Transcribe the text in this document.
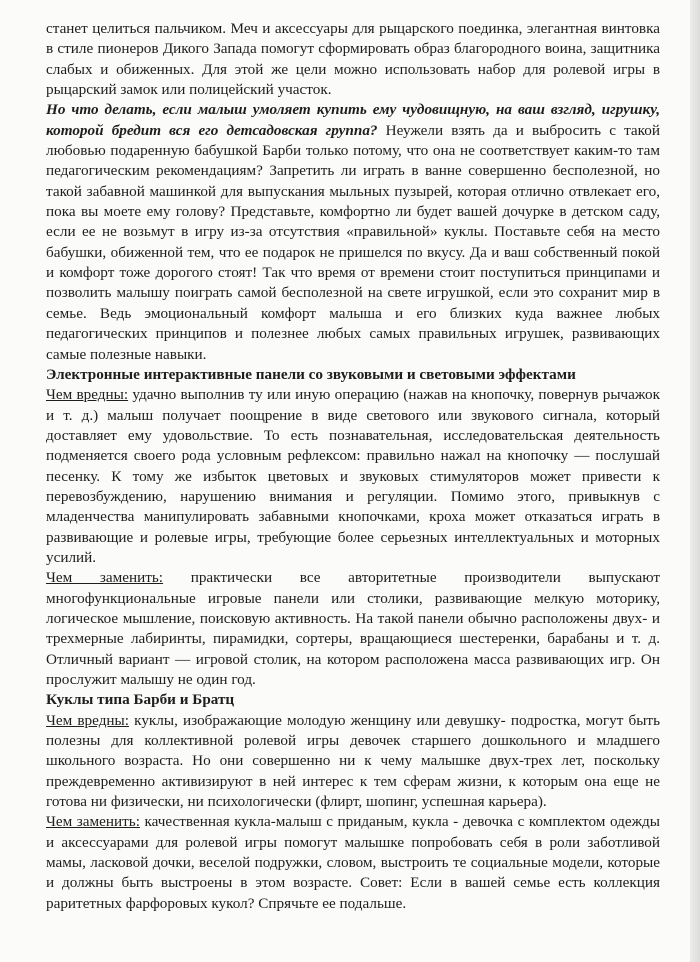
станет целиться пальчиком. Меч и аксессуары для рыцарского поединка, элегантная винтовка в стиле пионеров Дикого Запада помогут сформировать образ благородного воина, защитника слабых и обиженных. Для этой же цели можно использовать набор для ролевой игры в рыцарский замок или полицейский участок.

Но что делать, если малыш умоляет купить ему чудовищную, на ваш взгляд, игрушку, которой бредит вся его детсадовская группа? Неужели взять да и выбросить с такой любовью подаренную бабушкой Барби только потому, что она не соответствует каким-то там педагогическим рекомендациям? Запретить ли играть в ванне совершенно бесполезной, но такой забавной машинкой для выпускания мыльных пузырей, которая отлично отвлекает его, пока вы моете ему голову? Представьте, комфортно ли будет вашей дочурке в детском саду, если ее не возьмут в игру из-за отсутствия «правильной» куклы. Поставьте себя на место бабушки, обиженной тем, что ее подарок не пришелся по вкусу. Да и ваш собственный покой и комфорт тоже дорогого стоят! Так что время от времени стоит поступиться принципами и позволить малышу поиграть самой бесполезной на свете игрушкой, если это сохранит мир в семье. Ведь эмоциональный комфорт малыша и его близких куда важнее любых педагогических принципов и полезнее любых самых правильных игрушек, развивающих самые полезные навыки.

Электронные интерактивные панели со звуковыми и световыми эффектами

Чем вредны: удачно выполнив ту или иную операцию (нажав на кнопочку, повернув рычажок и т. д.) малыш получает поощрение в виде светового или звукового сигнала, который доставляет ему удовольствие. То есть познавательная, исследовательская деятельность подменяется своего рода условным рефлексом: правильно нажал на кнопочку — послушай песенку. К тому же избыток цветовых и звуковых стимуляторов может привести к перевозбуждению, нарушению внимания и регуляции. Помимо этого, привыкнув с младенчества манипулировать забавными кнопочками, кроха может отказаться играть в развивающие и ролевые игры, требующие более серьезных интеллектуальных и моторных усилий.

Чем заменить: практически все авторитетные производители выпускают многофункциональные игровые панели или столики, развивающие мелкую моторику, логическое мышление, поисковую активность. На такой панели обычно расположены двух- и трехмерные лабиринты, пирамидки, сортеры, вращающиеся шестеренки, барабаны и т. д. Отличный вариант — игровой столик, на котором расположена масса развивающих игр. Он прослужит малышу не один год.

Куклы типа Барби и Братц

Чем вредны: куклы, изображающие молодую женщину или девушку- подростка, могут быть полезны для коллективной ролевой игры девочек старшего дошкольного и младшего школьного возраста. Но они совершенно ни к чему малышке двух-трех лет, поскольку преждевременно активизируют в ней интерес к тем сферам жизни, к которым она еще не готова ни физически, ни психологически (флирт, шопинг, успешная карьера).

Чем заменить: качественная кукла-малыш с приданым, кукла - девочка с комплектом одежды и аксессуарами для ролевой игры помогут малышке попробовать себя в роли заботливой мамы, ласковой дочки, веселой подружки, словом, выстроить те социальные модели, которые и должны быть выстроены в этом возрасте. Совет: Если в вашей семье есть коллекция раритетных фарфоровых кукол? Спрячьте ее подальше.
